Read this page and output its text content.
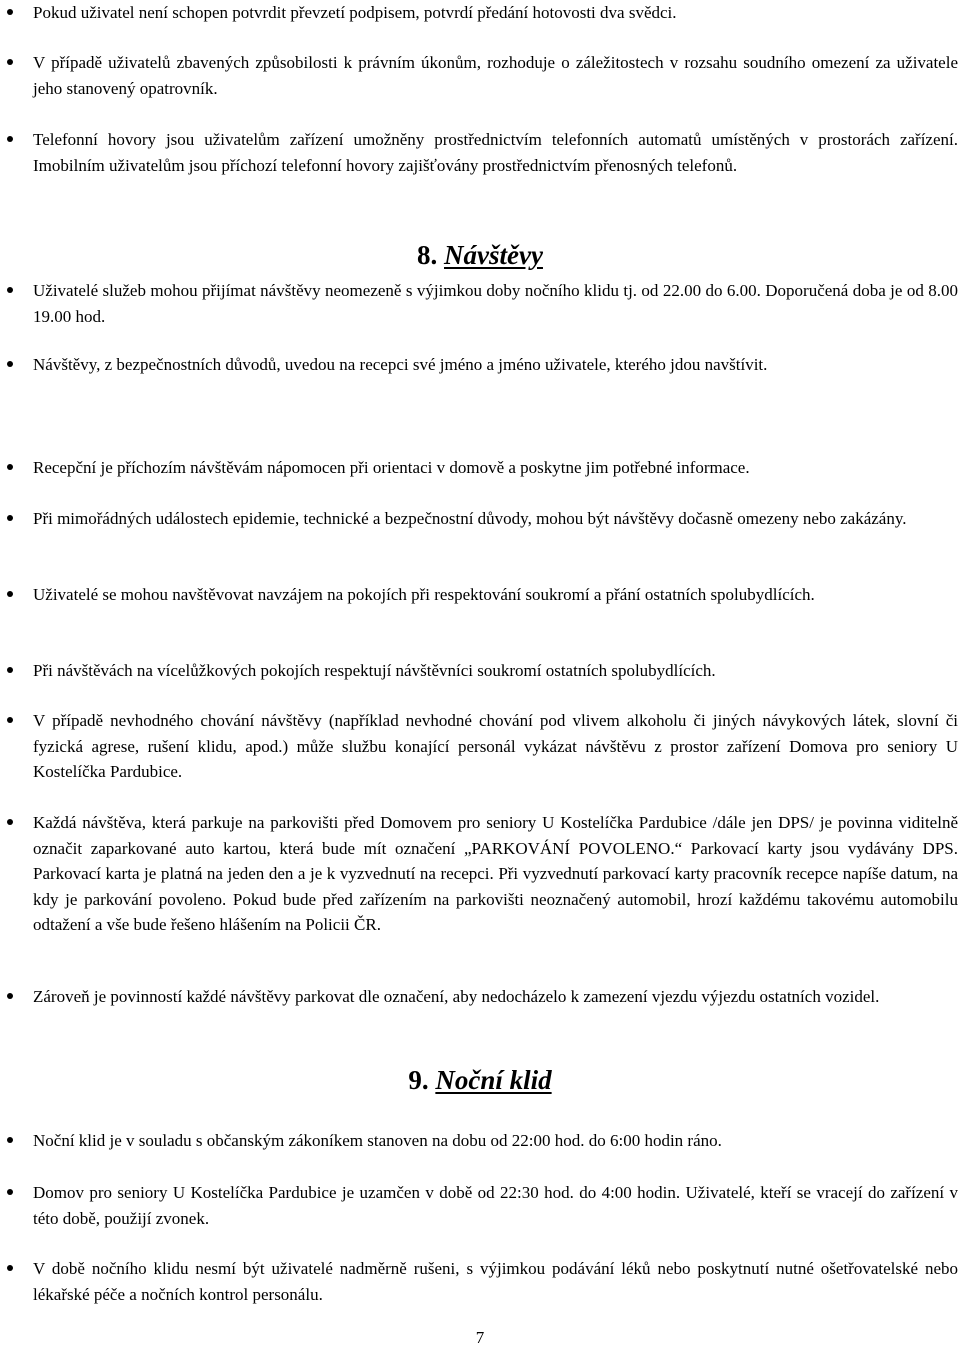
Pokud uživatel není schopen potvrdit převzetí podpisem, potvrdí předání hotovosti dva svědci.

V případě uživatelů zbavených způsobilosti k právním úkonům, rozhoduje o záležitostech v rozsahu soudního omezení za uživatele jeho stanovený opatrovník.

Telefonní hovory jsou uživatelům zařízení umožněny prostřednictvím telefonních automatů umístěných v prostorách zařízení. Imobilním uživatelům jsou příchozí telefonní hovory zajišťovány prostřednictvím přenosných telefonů.

8. Návštěvy

Uživatelé služeb mohou přijímat návštěvy neomezeně s výjimkou doby nočního klidu tj. od 22.00 do 6.00. Doporučená doba je od 8.00 19.00 hod.

Návštěvy, z bezpečnostních důvodů, uvedou na recepci své jméno a jméno uživatele, kterého jdou navštívit.

Recepční je příchozím návštěvám nápomocen při orientaci v domově a poskytne jim potřebné informace.

Při mimořádných událostech epidemie, technické a bezpečnostní důvody, mohou být návštěvy dočasně omezeny nebo zakázány.

Uživatelé se mohou navštěvovat navzájem na pokojích při respektování soukromí a přání ostatních spolubydlících.

Při návštěvách na vícelůžkových pokojích respektují návštěvníci soukromí ostatních spolubydlících.

V případě nevhodného chování návštěvy (například nevhodné chování pod vlivem alkoholu či jiných návykových látek, slovní či fyzická agrese, rušení klidu, apod.) může službu konající personál vykázat návštěvu z prostor zařízení Domova pro seniory U Kostelíčka Pardubice.

Každá návštěva, která parkuje na parkovišti před Domovem pro seniory U Kostelíčka Pardubice /dále jen DPS/ je povinna viditelně označit zaparkované auto kartou, která bude mít označení „PARKOVÁNÍ POVOLENO.“ Parkovací karty jsou vydávány DPS. Parkovací karta je platná na jeden den a je k vyzvednutí na recepci. Při vyzvednutí parkovací karty pracovník recepce napíše datum, na kdy je parkování povoleno. Pokud bude před zařízením na parkovišti neoznačený automobil, hrozí každému takovému automobilu odtažení a vše bude řešeno hlášením na Policii ČR.

Zároveň je povinností každé návštěvy parkovat dle označení, aby nedocházelo k zamezení vjezdu výjezdu ostatních vozidel.

9. Noční klid

Noční klid je v souladu s občanským zákoníkem stanoven na dobu od 22:00 hod. do 6:00 hodin ráno.

Domov pro seniory U Kostelíčka Pardubice je uzamčen v době od 22:30 hod. do 4:00 hodin. Uživatelé, kteří se vracejí do zařízení v této době, použijí zvonek.

V době nočního klidu nesmí být uživatelé nadměrně rušeni, s výjimkou podávání léků nebo poskytnutí nutné ošetřovatelské nebo lékařské péče a nočních kontrol personálu.

7
